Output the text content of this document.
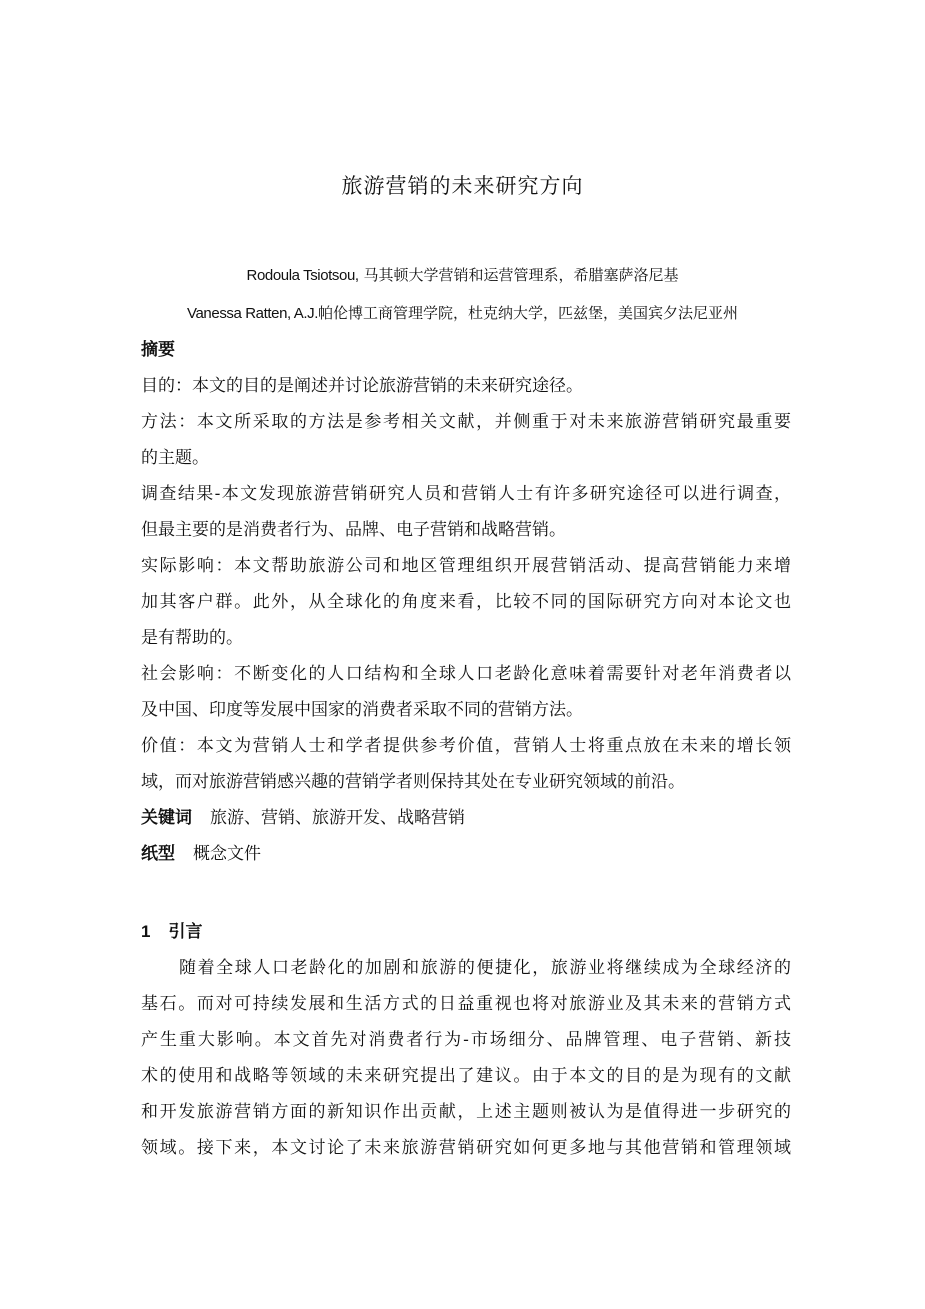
旅游营销的未来研究方向
Rodoula Tsiotsou, 马其顿大学营销和运营管理系，希腊塞萨洛尼基
Vanessa Ratten, A.J.帕伦博工商管理学院，杜克纳大学，匹兹堡，美国宾夕法尼亚州
摘要
目的：本文的目的是阐述并讨论旅游营销的未来研究途径。
方法：本文所采取的方法是参考相关文献，并侧重于对未来旅游营销研究最重要
的主题。
调查结果-本文发现旅游营销研究人员和营销人士有许多研究途径可以进行调查，
但最主要的是消费者行为、品牌、电子营销和战略营销。
实际影响：本文帮助旅游公司和地区管理组织开展营销活动、提高营销能力来增
加其客户群。此外，从全球化的角度来看，比较不同的国际研究方向对本论文也
是有帮助的。
社会影响：不断变化的人口结构和全球人口老龄化意味着需要针对老年消费者以
及中国、印度等发展中国家的消费者采取不同的营销方法。
价值：本文为营销人士和学者提供参考价值，营销人士将重点放在未来的增长领
域，而对旅游营销感兴趣的营销学者则保持其处在专业研究领域的前沿。
关键词 旅游、营销、旅游开发、战略营销
纸型 概念文件
1 引言
随着全球人口老龄化的加剧和旅游的便捷化，旅游业将继续成为全球经济的
基石。而对可持续发展和生活方式的日益重视也将对旅游业及其未来的营销方式
产生重大影响。本文首先对消费者行为-市场细分、品牌管理、电子营销、新技
术的使用和战略等领域的未来研究提出了建议。由于本文的目的是为现有的文献
和开发旅游营销方面的新知识作出贡献，上述主题则被认为是值得进一步研究的
领域。接下来，本文讨论了未来旅游营销研究如何更多地与其他营销和管理领域
